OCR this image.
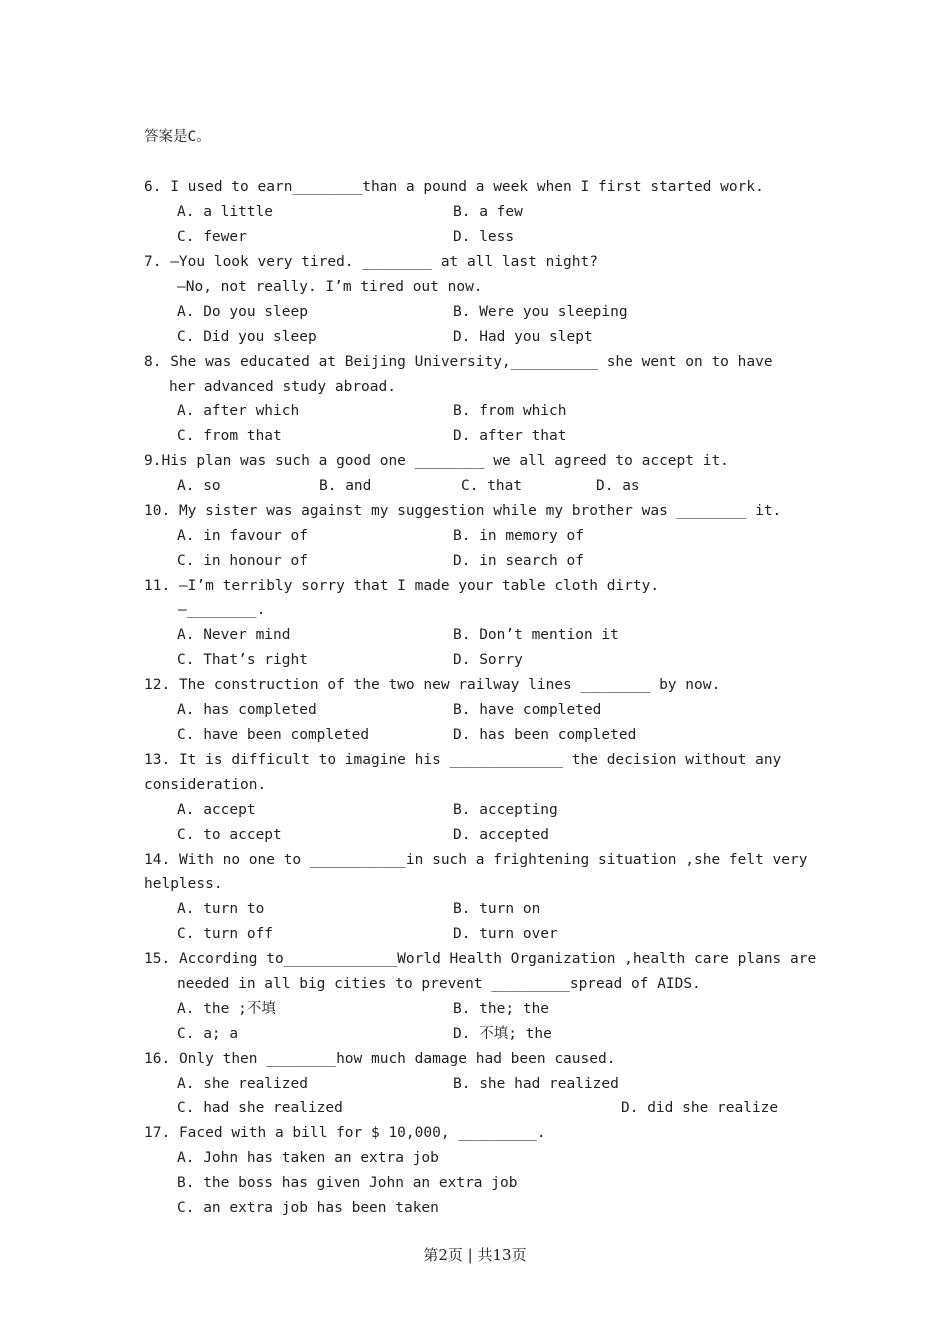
答案是C。
6. I used to earn________than a pound a week when I first started work.
A. a little	B. a few
C. fewer	D. less
7. —You look very tired. ________ at all last night?
—No, not really. I’m tired out now.
A. Do you sleep	B. Were you sleeping
C. Did you sleep	D. Had you slept
8. She was educated at Beijing University,__________ she went on to have
her advanced study abroad.
A. after which	B. from which
C. from that	D. after that
9.His plan was such a good one ________ we all agreed to accept it.
A. so	B. and	C. that	D. as
10. My sister was against my suggestion while my brother was ________ it.
A. in favour of	B. in memory of
C. in honour of	D. in search of
11. —I’m terribly sorry that I made your table cloth dirty.
—________.
A. Never mind	B. Don’t mention it
C. That’s right	D. Sorry
12. The construction of the two new railway lines ________ by now.
A. has completed	B. have completed
C. have been completed	D. has been completed
13. It is difficult to imagine his _____________ the decision without any
consideration.
A. accept	B. accepting
C. to accept	D. accepted
14. With no one to ___________in such a frightening situation ,she felt very
helpless.
A. turn to	B. turn on
C. turn off	D. turn over
15. According to_____________World Health Organization ,health care plans are
needed in all big cities to prevent _________spread of AIDS.
A. the ;不填	B. the; the
C. a; a	D. 不填; the
16. Only then ________how much damage had been caused.
A. she realized	B. she had realized
C. had she realized	D. did she realize
17. Faced with a bill for $ 10,000, _________.
A. John has taken an extra job
B. the boss has given John an extra job
C. an extra job has been taken
第2页 | 共13页
